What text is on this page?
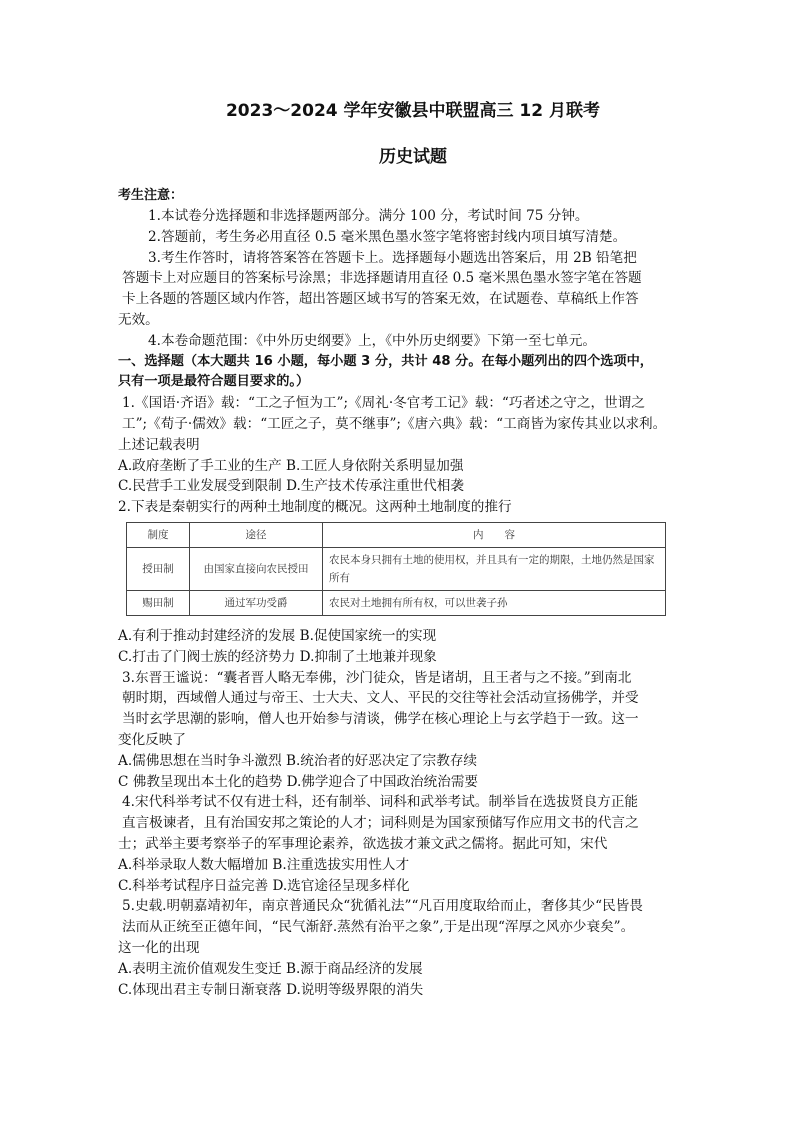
2023～2024 学年安徽县中联盟高三 12 月联考
历史试题
考生注意：
1.本试卷分选择题和非选择题两部分。满分 100 分，考试时间 75 分钟。
2.答题前，考生务必用直径 0.5 毫米黑色墨水签字笔将密封线内项目填写清楚。
3.考生作答时，请将答案答在答题卡上。选择题每小题选出答案后，用 2B 铅笔把
答题卡上对应题目的答案标号涂黑；非选择题请用直径 0.5 毫米黑色墨水签字笔在答题
卡上各题的答题区域内作答，超出答题区域书写的答案无效，在试题卷、草稿纸上作答
无效。
4.本卷命题范围：《中外历史纲要》上，《中外历史纲要》下第一至七单元。
一、选择题（本大题共 16 小题，每小题 3 分，共计 48 分。在每小题列出的四个选项中，
只有一项是最符合题目要求的。）
1.《国语·齐语》载：“工之子恒为工”;《周礼·冬官考工记》载：“巧者述之守之，世谓之
工”;《荀子·儒效》载：“工匠之子，莫不继事”;《唐六典》载：“工商皆为家传其业以求利。
上述记载表明
A.政府垄断了手工业的生产 B.工匠人身依附关系明显加强
C.民营手工业发展受到限制 D.生产技术传承注重世代相袭
2.下表是秦朝实行的两种土地制度的概况。这两种土地制度的推行
制度	途径	内　　容
授田制	由国家直接向农民授田	农民本身只拥有土地的使用权，并且具有一定的期限，土地仍然是国家所有
赐田制	通过军功受爵	农民对土地拥有所有权，可以世袭子孙
A.有利于推动封建经济的发展 B.促使国家统一的实现
C.打击了门阀士族的经济势力 D.抑制了土地兼并现象
3.东晋王谧说：“囊者晋人略无奉佛，沙门徒众，皆是诸胡，且王者与之不接。”到南北
朝时期，西域僧人通过与帝王、士大夫、文人、平民的交往等社会活动宣扬佛学，并受
当时玄学思潮的影响，僧人也开始参与清谈，佛学在核心理论上与玄学趋于一致。这一
变化反映了
A.儒佛思想在当时争斗激烈 B.统治者的好恶决定了宗教存续
C 佛教呈现出本土化的趋势 D.佛学迎合了中国政治统治需要
4.宋代科举考试不仅有进士科，还有制举、词科和武举考试。制举旨在选拔贤良方正能
直言极谏者，且有治国安邦之策论的人才；词科则是为国家预储写作应用文书的代言之
士；武举主要考察举子的军事理论素养，欲选拔才兼文武之儒将。据此可知，宋代
A.科举录取人数大幅增加 B.注重选拔实用性人才
C.科举考试程序日益完善 D.选官途径呈现多样化
5.史载.明朝嘉靖初年，南京普通民众“犹循礼法”“凡百用度取给而止，奢侈其少“民皆畏
法而从正统至正德年间，“民气渐舒.蒸然有治平之象”,于是出现“浑厚之风亦少衰矣”。
这一化的出现
A.表明主流价值观发生变迁 B.源于商品经济的发展
C.体现出君主专制日渐衰落 D.说明等级界限的消失
